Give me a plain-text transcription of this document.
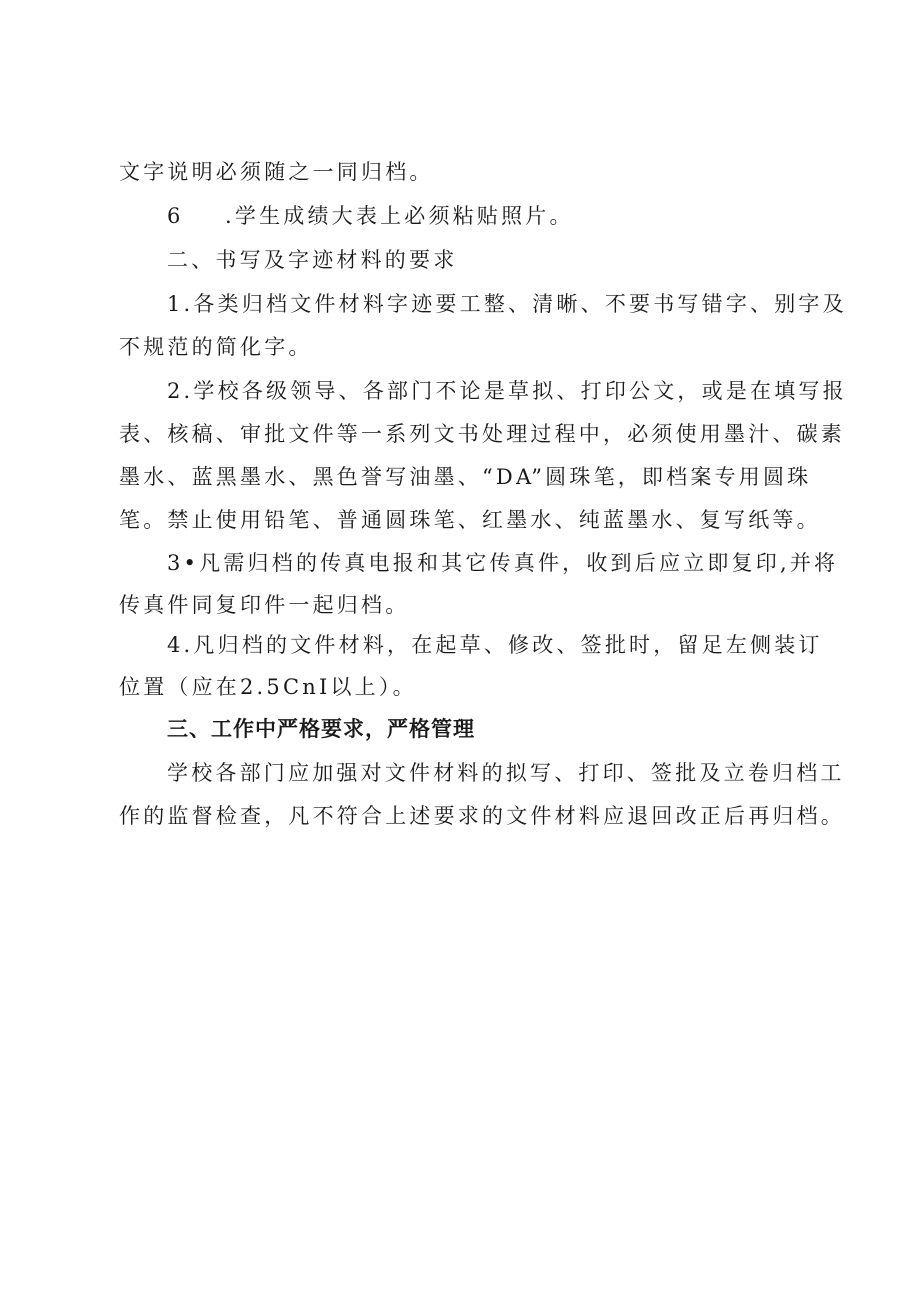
文字说明必须随之一同归档。
6 .学生成绩大表上必须粘贴照片。
二、书写及字迹材料的要求
1.各类归档文件材料字迹要工整、清晰、不要书写错字、别字及
不规范的简化字。
2.学校各级领导、各部门不论是草拟、打印公文，或是在填写报
表、核稿、审批文件等一系列文书处理过程中，必须使用墨汁、碳素
墨水、蓝黑墨水、黑色誉写油墨、“DA”圆珠笔，即档案专用圆珠
笔。禁止使用铅笔、普通圆珠笔、红墨水、纯蓝墨水、复写纸等。
3•凡需归档的传真电报和其它传真件，收到后应立即复印,并将
传真件同复印件一起归档。
4.凡归档的文件材料，在起草、修改、签批时，留足左侧装订
位置（应在2.5CnI以上）。
三、工作中严格要求，严格管理
学校各部门应加强对文件材料的拟写、打印、签批及立卷归档工
作的监督检查，凡不符合上述要求的文件材料应退回改正后再归档。
